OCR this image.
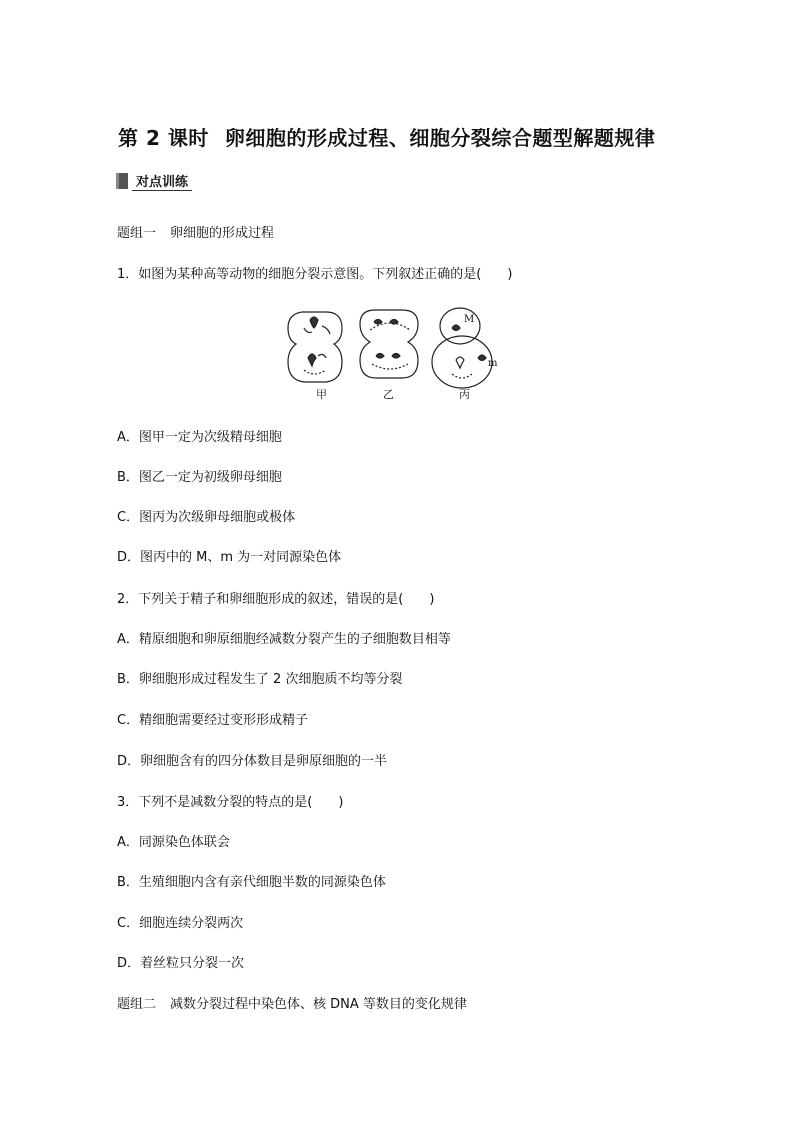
第 2 课时 卵细胞的形成过程、细胞分裂综合题型解题规律
对点训练
题组一 卵细胞的形成过程
1．如图为某种高等动物的细胞分裂示意图。下列叙述正确的是(　　)
M
m
甲	乙	丙
A．图甲一定为次级精母细胞
B．图乙一定为初级卵母细胞
C．图丙为次级卵母细胞或极体
D．图丙中的 M、m 为一对同源染色体
2．下列关于精子和卵细胞形成的叙述，错误的是(　　)
A．精原细胞和卵原细胞经减数分裂产生的子细胞数目相等
B．卵细胞形成过程发生了 2 次细胞质不均等分裂
C．精细胞需要经过变形形成精子
D．卵细胞含有的四分体数目是卵原细胞的一半
3．下列不是减数分裂的特点的是(　　)
A．同源染色体联会
B．生殖细胞内含有亲代细胞半数的同源染色体
C．细胞连续分裂两次
D．着丝粒只分裂一次
题组二 减数分裂过程中染色体、核 DNA 等数目的变化规律
